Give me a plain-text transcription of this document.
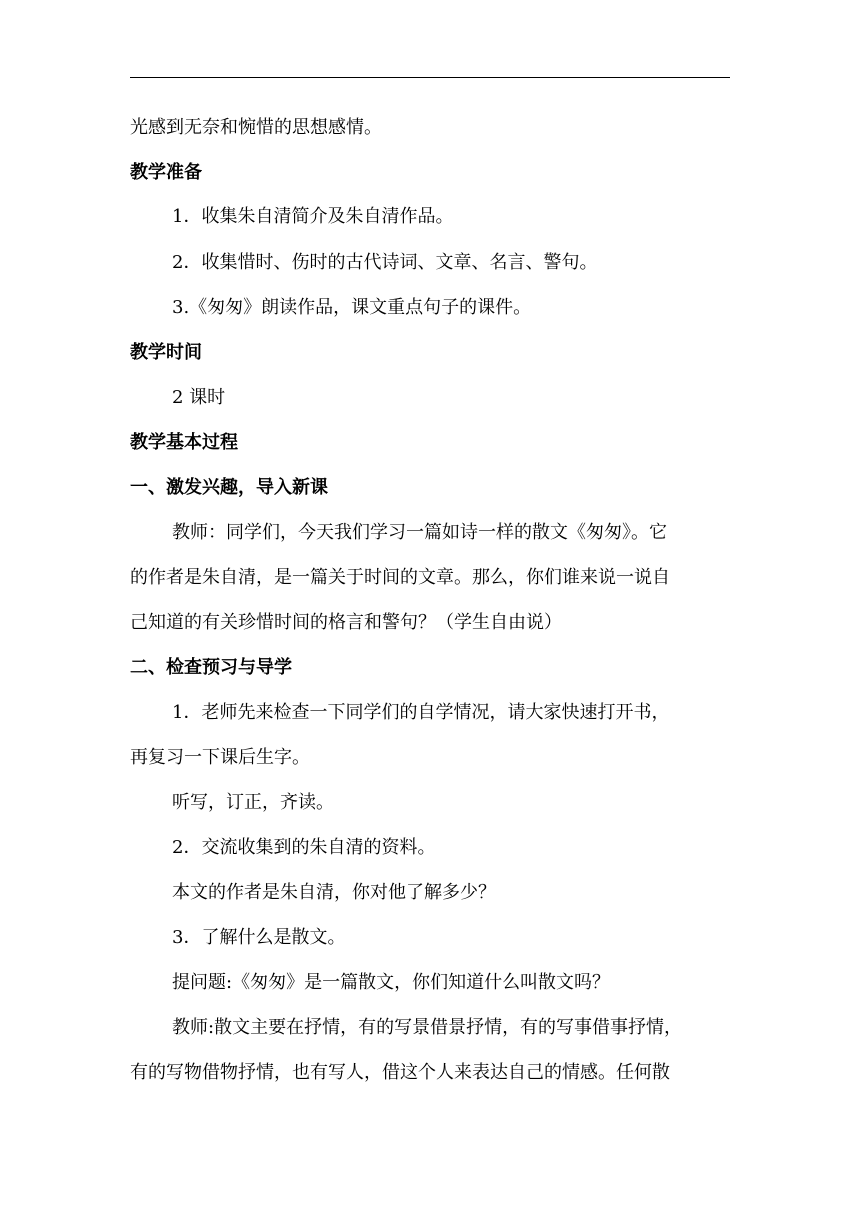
光感到无奈和惋惜的思想感情。
教学准备
1．收集朱自清简介及朱自清作品。
2．收集惜时、伤时的古代诗词、文章、名言、警句。
3.《匆匆》朗读作品，课文重点句子的课件。
教学时间
2 课时
教学基本过程
一、激发兴趣，导入新课
教师：同学们，今天我们学习一篇如诗一样的散文《匆匆》。它
的作者是朱自清，是一篇关于时间的文章。那么，你们谁来说一说自
己知道的有关珍惜时间的格言和警句？（学生自由说）
二、检查预习与导学
1．老师先来检查一下同学们的自学情况，请大家快速打开书，
再复习一下课后生字。
听写，订正，齐读。
2．交流收集到的朱自清的资料。
本文的作者是朱自清，你对他了解多少？
3．了解什么是散文。
提问题:《匆匆》是一篇散文，你们知道什么叫散文吗？
教师:散文主要在抒情，有的写景借景抒情，有的写事借事抒情，
有的写物借物抒情，也有写人，借这个人来表达自己的情感。任何散
